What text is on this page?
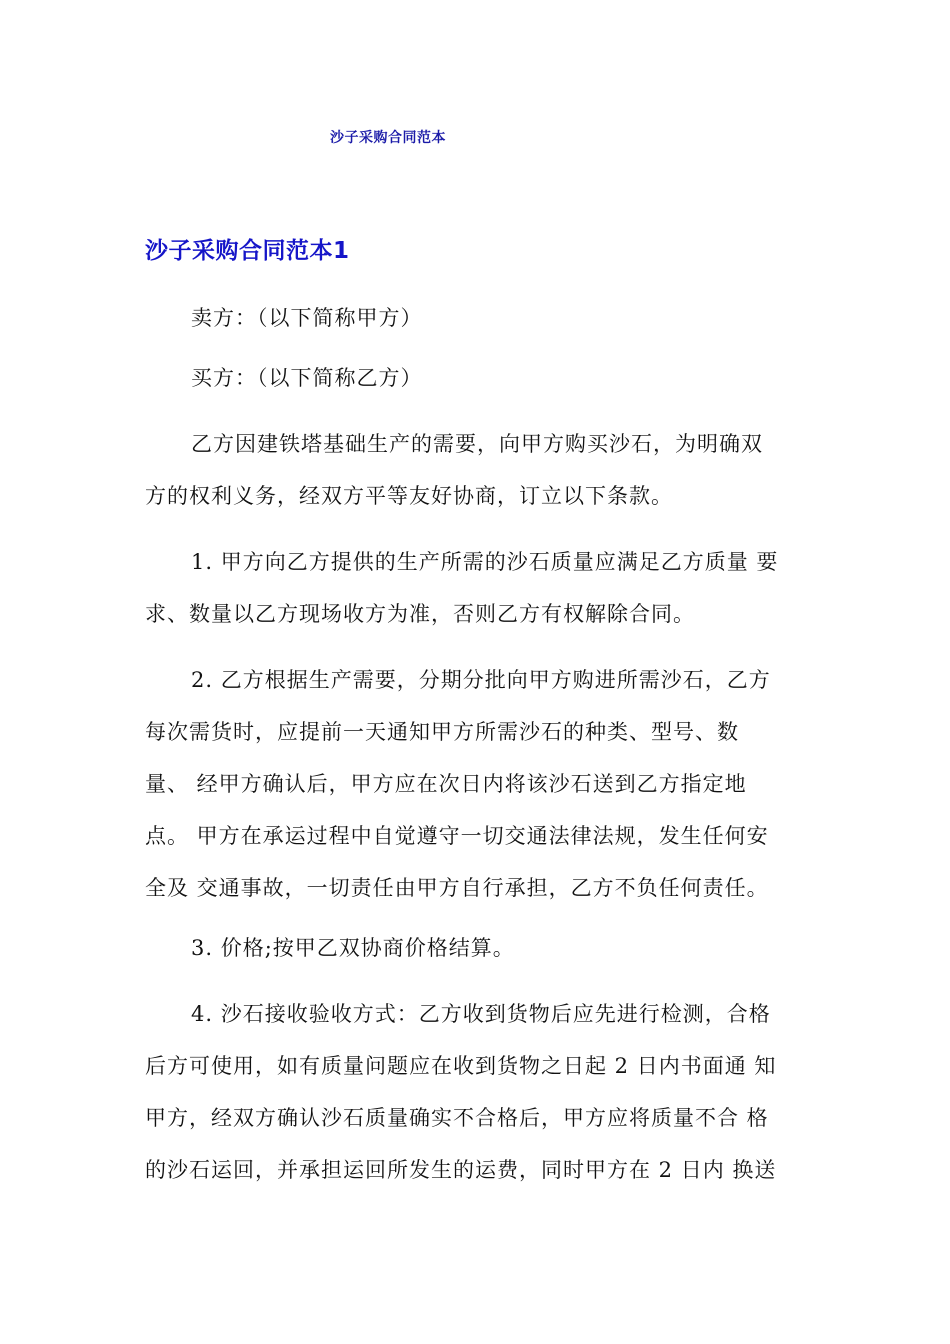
沙子采购合同范本

沙子采购合同范本1

卖方：（以下简称甲方）

买方：（以下简称乙方）

乙方因建铁塔基础生产的需要，向甲方购买沙石，为明确双
方的权利义务，经双方平等友好协商，订立以下条款。

1. 甲方向乙方提供的生产所需的沙石质量应满足乙方质量 要
求、数量以乙方现场收方为准，否则乙方有权解除合同。

2. 乙方根据生产需要，分期分批向甲方购进所需沙石，乙方
每次需货时，应提前一天通知甲方所需沙石的种类、型号、数
量、 经甲方确认后，甲方应在次日内将该沙石送到乙方指定地
点。 甲方在承运过程中自觉遵守一切交通法律法规，发生任何安
全及 交通事故，一切责任由甲方自行承担，乙方不负任何责任。

3. 价格;按甲乙双协商价格结算。

4. 沙石接收验收方式：乙方收到货物后应先进行检测，合格
后方可使用，如有质量问题应在收到货物之日起 2 日内书面通 知
甲方，经双方确认沙石质量确实不合格后，甲方应将质量不合 格
的沙石运回，并承担运回所发生的运费，同时甲方在 2 日内 换送
